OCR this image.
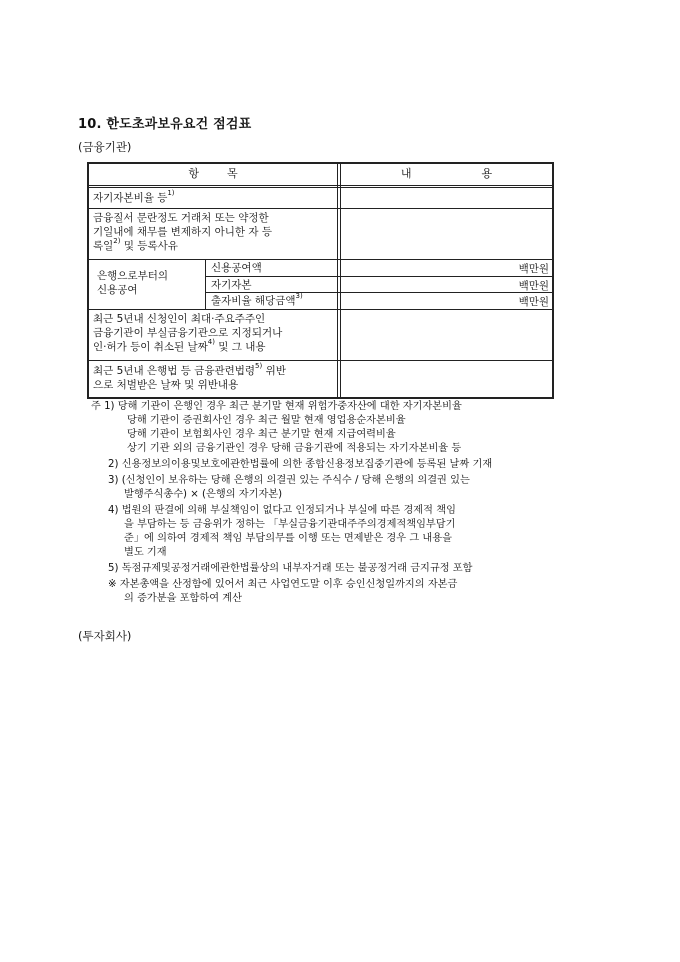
10. 한도초과보유요건 점검표
(금융기관)
항        목	내                    용
자기자본비율 등$^{1)}$
금융질서 문란정도 거래처 또는 약정한
기일내에 채무를 변제하지 아니한 자 등
록일$^{2)}$ 및 등록사유
은행으로부터의
신용공여
신용공여액
자기자본
출자비율 해당금액$^{3)}$
백만원
백만원
백만원
최근 5년내 신청인이 최대·주요주주인
금융기관이 부실금융기관으로 지정되거나
인·허가 등이 취소된 날짜$^{4)}$ 및 그 내용
최근 5년내 은행법 등 금융관련법령$^{5)}$ 위반
으로 처벌받은 날짜 및 위반내용
주 1) 당해 기관이 은행인 경우 최근 분기말 현재 위험가중자산에 대한 자기자본비율
당해 기관이 증권회사인 경우 최근 월말 현재 영업용순자본비율
당해 기관이 보험회사인 경우 최근 분기말 현재 지급여력비율
상기 기관 외의 금융기관인 경우 당해 금융기관에 적용되는 자기자본비율 등
2) 신용정보의이용및보호에관한법률에 의한 종합신용정보집중기관에 등록된 날짜 기재
3) (신청인이 보유하는 당해 은행의 의결권 있는 주식수 / 당해 은행의 의결권 있는
발행주식총수) × (은행의 자기자본)
4) 법원의 판결에 의해 부실책임이 없다고 인정되거나 부실에 따른 경제적 책임
을 부담하는 등 금융위가 정하는 「부실금융기관대주주의경제적책임부담기
준」에 의하여 경제적 책임 부담의무를 이행 또는 면제받은 경우 그 내용을
별도 기재
5) 독점규제및공정거래에관한법률상의 내부자거래 또는 불공정거래 금지규정 포함
※ 자본총액을 산정함에 있어서 최근 사업연도말 이후 승인신청일까지의 자본금
의 증가분을 포함하여 계산
(투자회사)
